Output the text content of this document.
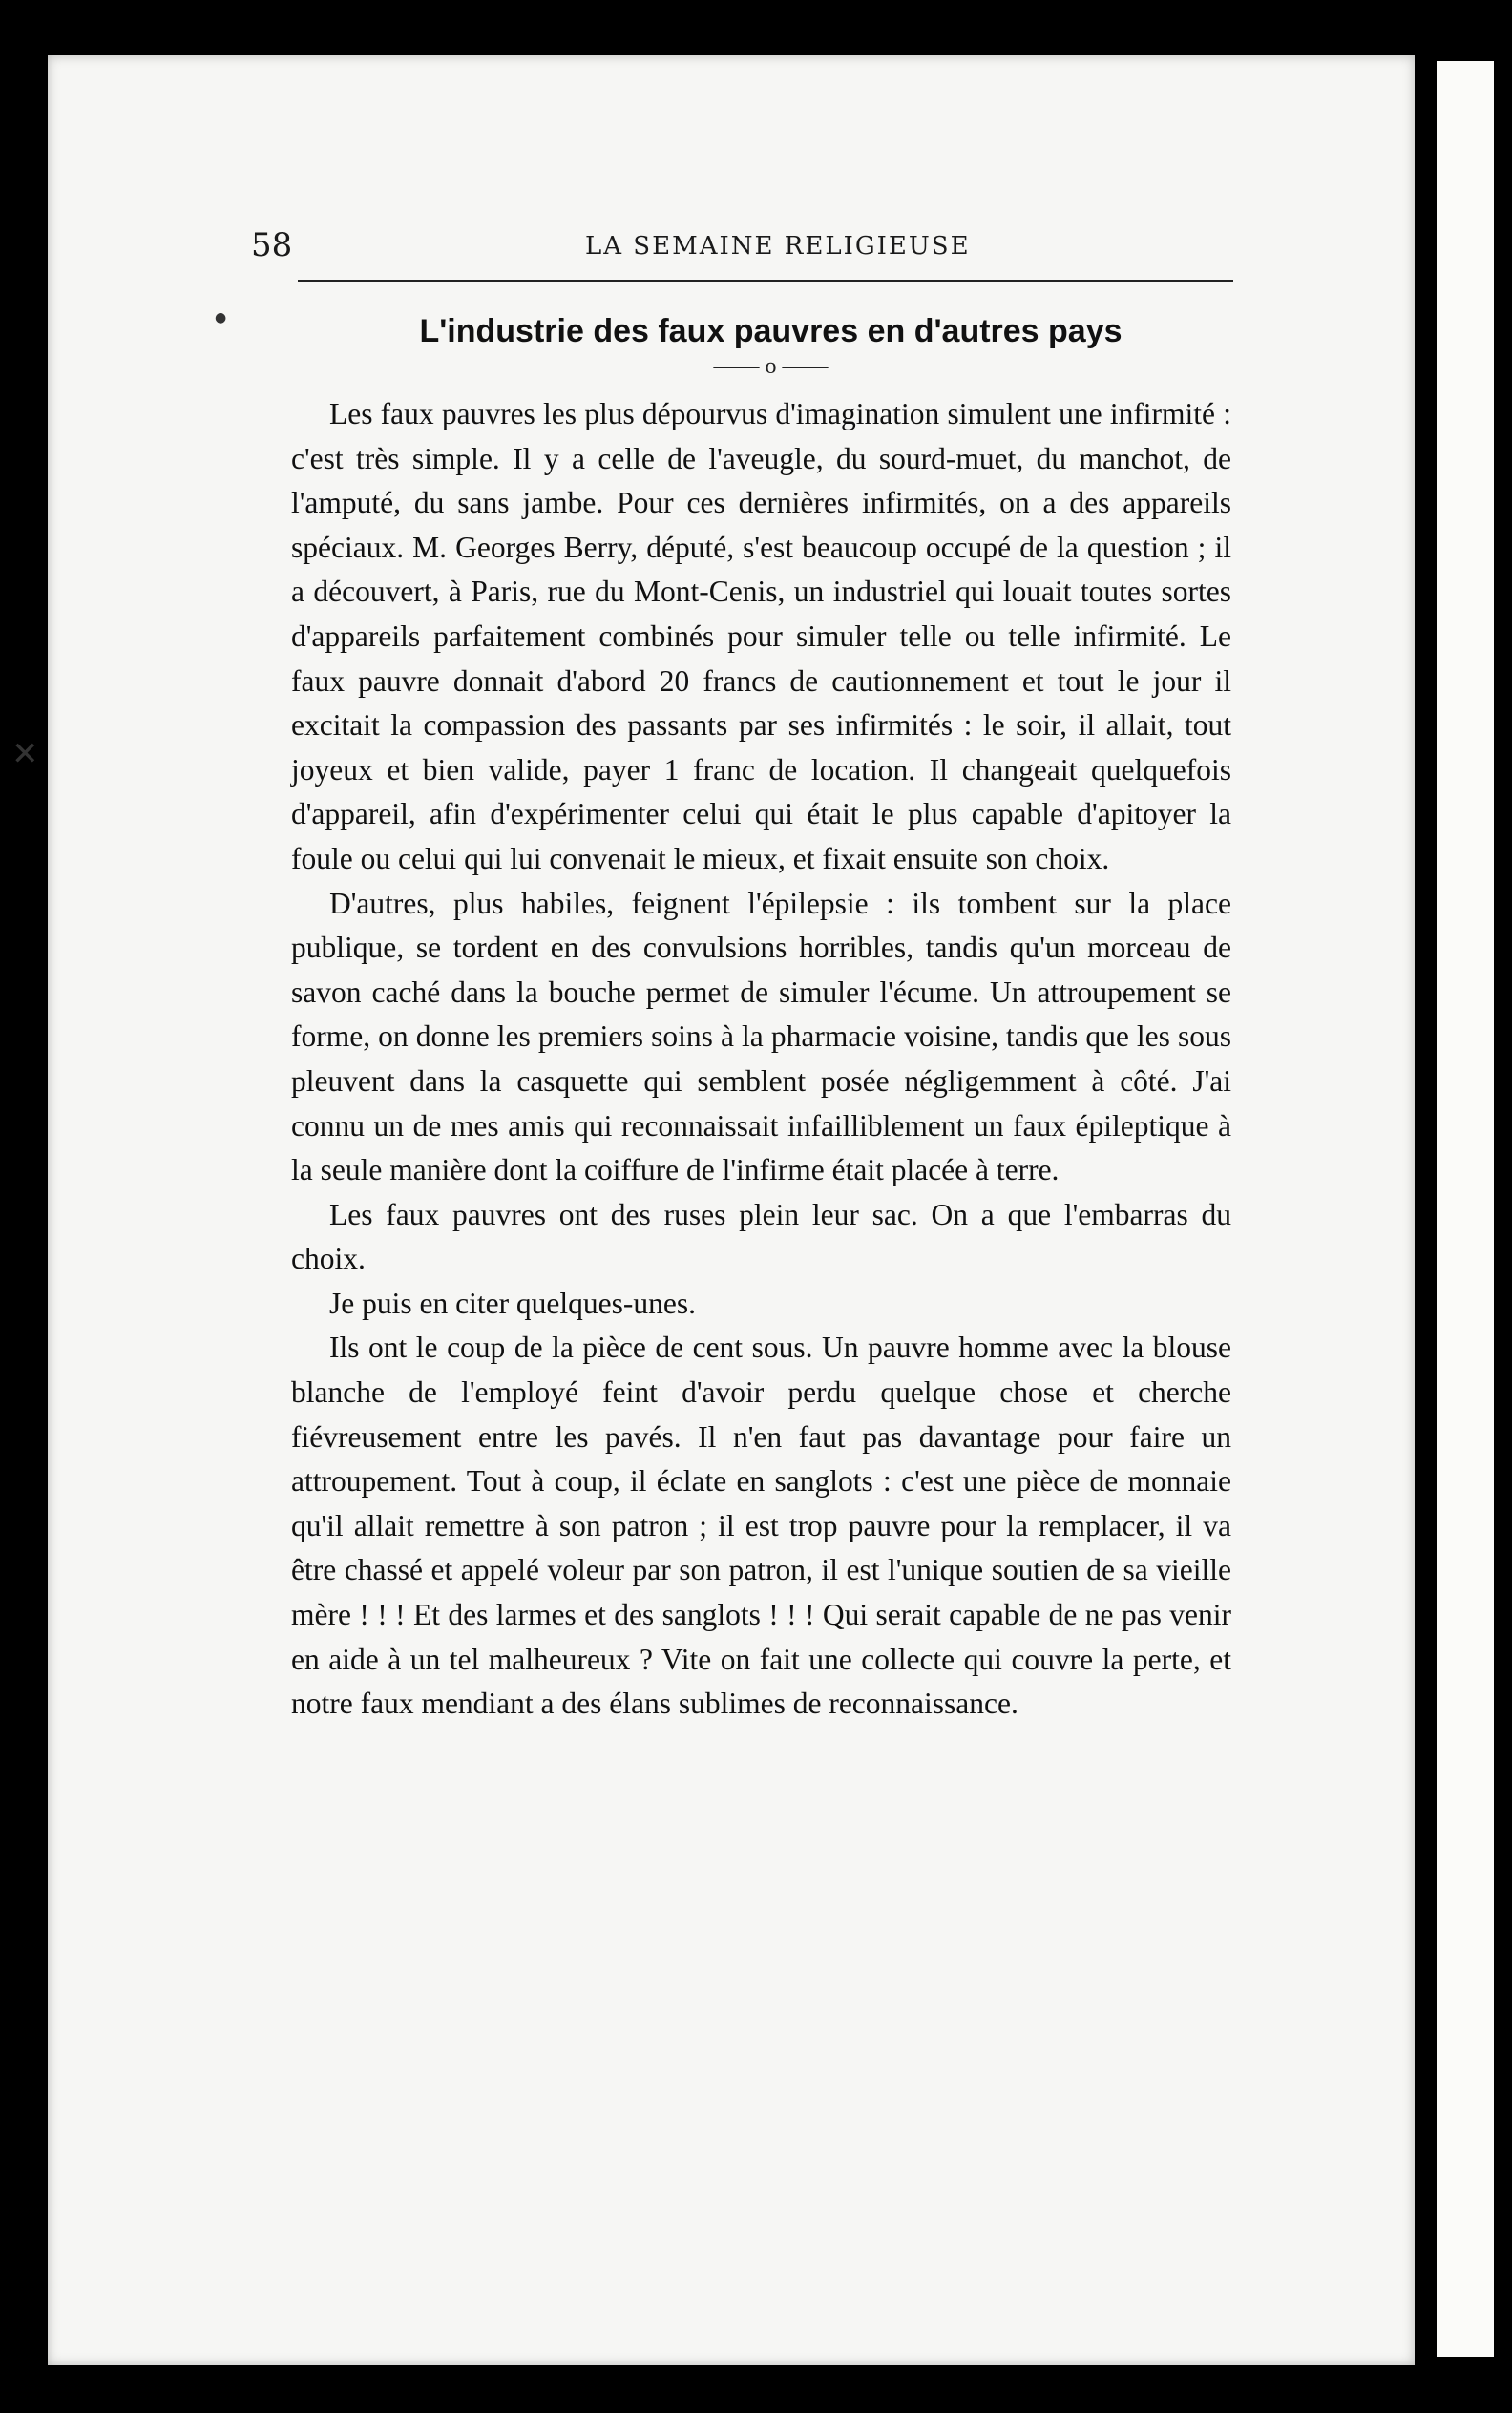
✕
●
58	LA SEMAINE RELIGIEUSE
L'industrie des faux pauvres en d'autres pays
—— o ——

Les faux pauvres les plus dépourvus d'imagination simulent une infirmité : c'est très simple. Il y a celle de l'aveugle, du sourd-muet, du manchot, de l'amputé, du sans jambe. Pour ces dernières infirmités, on a des appareils spéciaux. M. Georges Berry, député, s'est beaucoup occupé de la question ; il a découvert, à Paris, rue du Mont-Cenis, un industriel qui louait toutes sortes d'appareils parfaitement combinés pour simuler telle ou telle infirmité. Le faux pauvre donnait d'abord 20 francs de cautionnement et tout le jour il excitait la compassion des passants par ses infirmités : le soir, il allait, tout joyeux et bien valide, payer 1 franc de location. Il changeait quelquefois d'appareil, afin d'expérimenter celui qui était le plus capable d'apitoyer la foule ou celui qui lui convenait le mieux, et fixait ensuite son choix.

D'autres, plus habiles, feignent l'épilepsie : ils tombent sur la place publique, se tordent en des convulsions horribles, tandis qu'un morceau de savon caché dans la bouche permet de simuler l'écume. Un attroupement se forme, on donne les premiers soins à la pharmacie voisine, tandis que les sous pleuvent dans la casquette qui semblent posée négligemment à côté. J'ai connu un de mes amis qui reconnaissait infailliblement un faux épileptique à la seule manière dont la coiffure de l'infirme était placée à terre.

Les faux pauvres ont des ruses plein leur sac. On a que l'embarras du choix.

Je puis en citer quelques-unes.

Ils ont le coup de la pièce de cent sous. Un pauvre homme avec la blouse blanche de l'employé feint d'avoir perdu quelque chose et cherche fiévreusement entre les pavés. Il n'en faut pas davantage pour faire un attroupement. Tout à coup, il éclate en sanglots : c'est une pièce de monnaie qu'il allait remettre à son patron ; il est trop pauvre pour la remplacer, il va être chassé et appelé voleur par son patron, il est l'unique soutien de sa vieille mère ! ! ! Et des larmes et des sanglots ! ! ! Qui serait capable de ne pas venir en aide à un tel malheureux ? Vite on fait une collecte qui couvre la perte, et notre faux mendiant a des élans sublimes de reconnaissance.
